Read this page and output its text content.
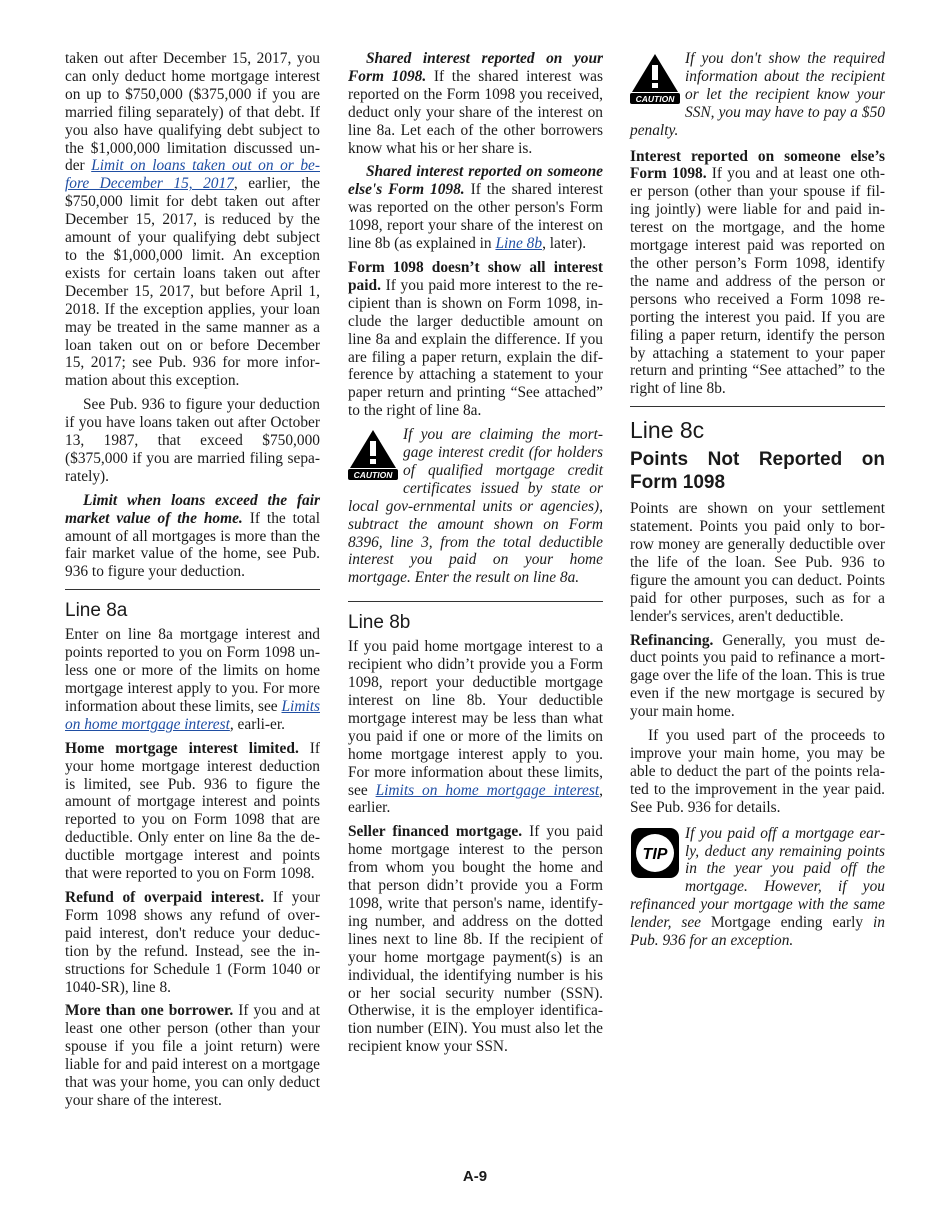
taken out after December 15, 2017, you can only deduct home mortgage interest on up to $750,000 ($375,000 if you are married filing separately) of that debt. If you also have qualifying debt subject to the $1,000,000 limitation discussed un‐der Limit on loans taken out on or be‐fore December 15, 2017, earlier, the $750,000 limit for debt taken out after December 15, 2017, is reduced by the amount of your qualifying debt subject to the $1,000,000 limit. An exception exists for certain loans taken out after December 15, 2017, but before April 1, 2018. If the exception applies, your loan may be treated in the same manner as a loan taken out on or before December 15, 2017; see Pub. 936 for more infor‐mation about this exception.

See Pub. 936 to figure your deduction if you have loans taken out after October 13, 1987, that exceed $750,000 ($375,000 if you are married filing sepa‐rately).

Limit when loans exceed the fair market value of the home. If the total amount of all mortgages is more than the fair market value of the home, see Pub. 936 to figure your deduction.

Line 8a

Enter on line 8a mortgage interest and points reported to you on Form 1098 un‐less one or more of the limits on home mortgage interest apply to you. For more information about these limits, see Limits on home mortgage interest, earli‐er.

Home mortgage interest limited. If your home mortgage interest deduction is limited, see Pub. 936 to figure the amount of mortgage interest and points reported to you on Form 1098 that are deductible. Only enter on line 8a the de‐ductible mortgage interest and points that were reported to you on Form 1098.

Refund of overpaid interest. If your Form 1098 shows any refund of over‐paid interest, don't reduce your deduc‐tion by the refund. Instead, see the in‐structions for Schedule 1 (Form 1040 or 1040-SR), line 8.

More than one borrower. If you and at least one other person (other than your spouse if you file a joint return) were liable for and paid interest on a mortgage that was your home, you can only deduct your share of the interest.

Shared interest reported on your Form 1098. If the shared interest was reported on the Form 1098 you received, deduct only your share of the interest on line 8a. Let each of the other borrowers know what his or her share is.

Shared interest reported on someone else's Form 1098. If the shared interest was reported on the other person's Form 1098, report your share of the interest on line 8b (as explained in Line 8b, later).

Form 1098 doesn’t show all interest paid. If you paid more interest to the re‐cipient than is shown on Form 1098, in‐clude the larger deductible amount on line 8a and explain the difference. If you are filing a paper return, explain the dif‐ference by attaching a statement to your paper return and printing “See attached” to the right of line 8a.

CAUTION
If you are claiming the mort‐gage interest credit (for holders of qualified mortgage credit certificates issued by state or local gov‐ernmental units or agencies), subtract the amount shown on Form 8396, line 3, from the total deductible interest you paid on your home mortgage. Enter the result on line 8a.
Line 8b

If you paid home mortgage interest to a recipient who didn’t provide you a Form 1098, report your deductible mortgage interest on line 8b. Your deductible mortgage interest may be less than what you paid if one or more of the limits on home mortgage interest apply to you. For more information about these limits, see Limits on home mortgage interest, earlier.

Seller financed mortgage. If you paid home mortgage interest to the person from whom you bought the home and that person didn’t provide you a Form 1098, write that person's name, identify‐ing number, and address on the dotted lines next to line 8b. If the recipient of your home mortgage payment(s) is an individual, the identifying number is his or her social security number (SSN). Otherwise, it is the employer identifica‐tion number (EIN). You must also let the recipient know your SSN.

CAUTION
If you don't show the required information about the recipient or let the recipient know your SSN, you may have to pay a $50 penalty.

Interest reported on someone else’s Form 1098. If you and at least one oth‐er person (other than your spouse if fil‐ing jointly) were liable for and paid in‐terest on the mortgage, and the home mortgage interest paid was reported on the other person’s Form 1098, identify the name and address of the person or persons who received a Form 1098 re‐porting the interest you paid. If you are filing a paper return, identify the person by attaching a statement to your paper return and printing “See attached” to the right of line 8b.

Line 8c
Points Not Reported on Form 1098

Points are shown on your settlement statement. Points you paid only to bor‐row money are generally deductible over the life of the loan. See Pub. 936 to figure the amount you can deduct. Points paid for other purposes, such as for a lender's services, aren't deductible.

Refinancing. Generally, you must de‐duct points you paid to refinance a mort‐gage over the life of the loan. This is true even if the new mortgage is secured by your main home.

If you used part of the proceeds to improve your main home, you may be able to deduct the part of the points rela‐ted to the improvement in the year paid. See Pub. 936 for details.

TIP
If you paid off a mortgage ear‐ly, deduct any remaining points in the year you paid off the mortgage. However, if you refinanced your mortgage with the same lender, see Mortgage ending early in Pub. 936 for an exception.
A-9
